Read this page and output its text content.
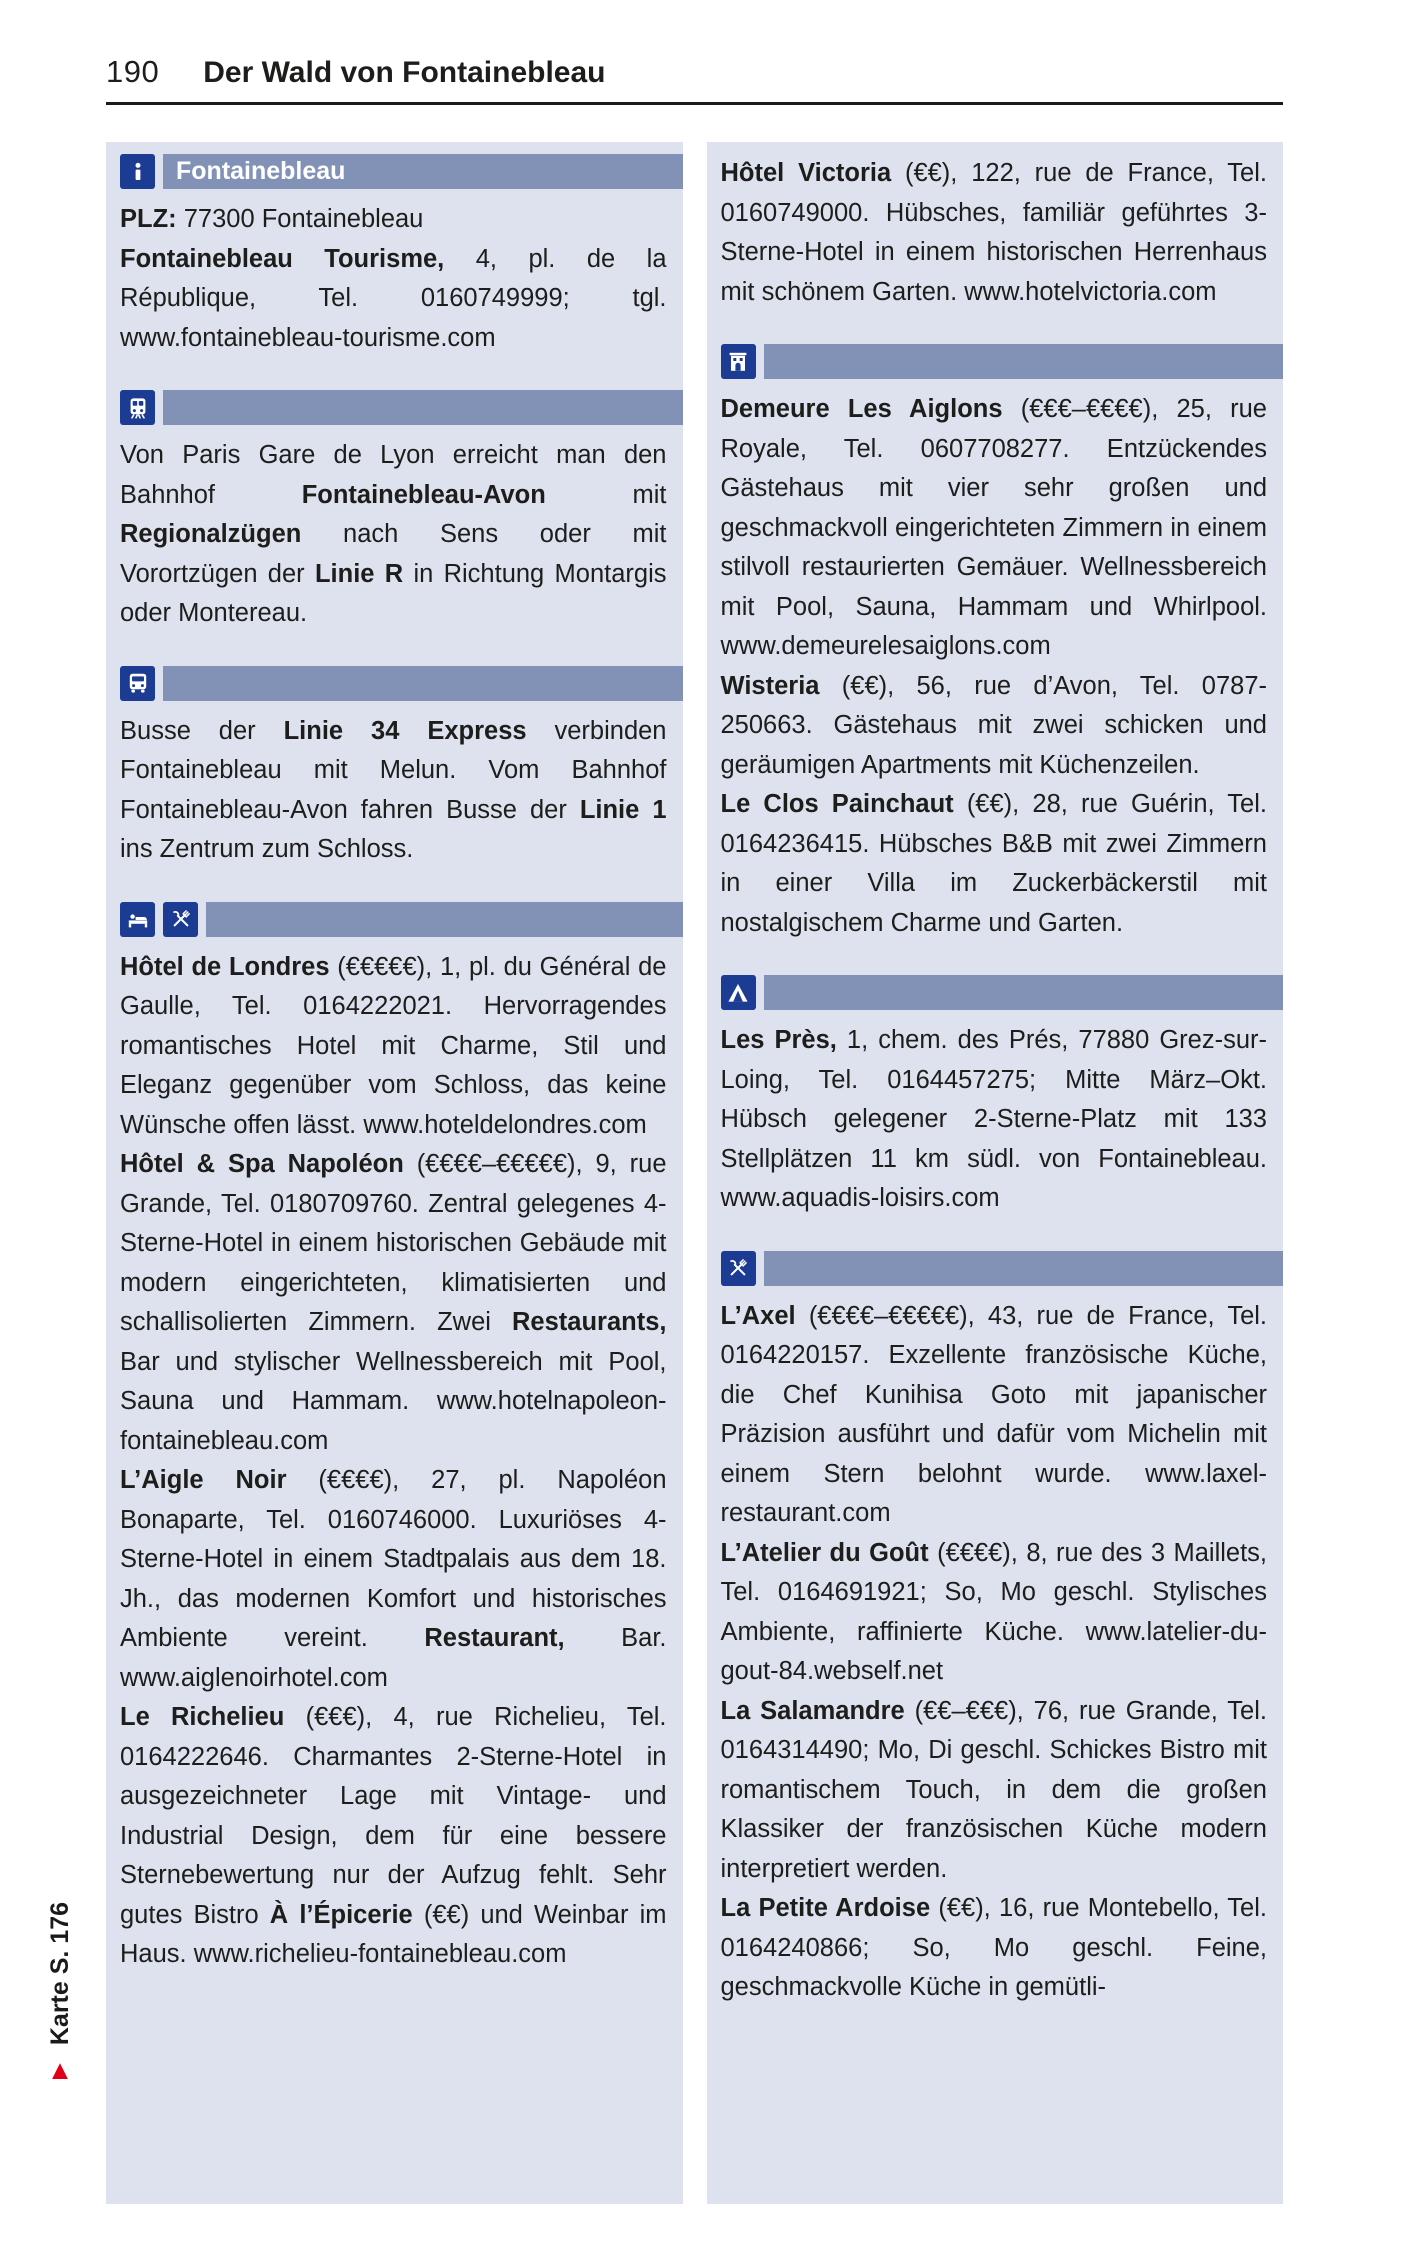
190 Der Wald von Fontainebleau
Fontainebleau

PLZ: 77300 Fontainebleau

Fontainebleau Tourisme, 4, pl. de la République, Tel. 0160749999; tgl. www.fontainebleau-tourisme.com

Von Paris Gare de Lyon erreicht man den Bahnhof Fontainebleau-Avon mit Regionalzügen nach Sens oder mit Vorortzügen der Linie R in Richtung Montargis oder Montereau.

Busse der Linie 34 Express verbinden Fontainebleau mit Melun. Vom Bahnhof Fontainebleau-Avon fahren Busse der Linie 1 ins Zentrum zum Schloss.

Hôtel de Londres (€€€€€), 1, pl. du Général de Gaulle, Tel. 0164222021. Hervorragendes romantisches Hotel mit Charme, Stil und Eleganz gegenüber vom Schloss, das keine Wünsche offen lässt. www.hoteldelondres.com

Hôtel & Spa Napoléon (€€€€–€€€€€), 9, rue Grande, Tel. 0180709760. Zentral gelegenes 4-Sterne-Hotel in einem historischen Gebäude mit modern eingerichteten, klimatisierten und schallisolierten Zimmern. Zwei Restaurants, Bar und stylischer Wellnessbereich mit Pool, Sauna und Hammam. www.hotelnapoleon-fontainebleau.com

L’Aigle Noir (€€€€), 27, pl. Napoléon Bonaparte, Tel. 0160746000. Luxuriöses 4-Sterne-Hotel in einem Stadtpalais aus dem 18. Jh., das modernen Komfort und historisches Ambiente vereint. Restaurant, Bar. www.aiglenoirhotel.com

Le Richelieu (€€€), 4, rue Richelieu, Tel. 0164222646. Charmantes 2-Sterne-Hotel in ausgezeichneter Lage mit Vintage- und Industrial Design, dem für eine bessere Sternebewertung nur der Aufzug fehlt. Sehr gutes Bistro À l’Épicerie (€€) und Weinbar im Haus. www.richelieu-fontainebleau.com

Hôtel Victoria (€€), 122, rue de France, Tel. 0160749000. Hübsches, familiär geführtes 3-Sterne-Hotel in einem historischen Herrenhaus mit schönem Garten. www.hotelvictoria.com

Demeure Les Aiglons (€€€–€€€€), 25, rue Royale, Tel. 0607708277. Entzückendes Gästehaus mit vier sehr großen und geschmackvoll eingerichteten Zimmern in einem stilvoll restaurierten Gemäuer. Wellnessbereich mit Pool, Sauna, Hammam und Whirlpool. www.demeurelesaiglons.com

Wisteria (€€), 56, rue d’Avon, Tel. 0787-250663. Gästehaus mit zwei schicken und geräumigen Apartments mit Küchenzeilen.

Le Clos Painchaut (€€), 28, rue Guérin, Tel. 0164236415. Hübsches B&B mit zwei Zimmern in einer Villa im Zuckerbäckerstil mit nostalgischem Charme und Garten.

Les Près, 1, chem. des Prés, 77880 Grez-sur-Loing, Tel. 0164457275; Mitte März–Okt. Hübsch gelegener 2-Sterne-Platz mit 133 Stellplätzen 11 km südl. von Fontainebleau. www.aquadis-loisirs.com

L’Axel (€€€€–€€€€€), 43, rue de France, Tel. 0164220157. Exzellente französische Küche, die Chef Kunihisa Goto mit japanischer Präzision ausführt und dafür vom Michelin mit einem Stern belohnt wurde. www.laxel-restaurant.com

L’Atelier du Goût (€€€€), 8, rue des 3 Maillets, Tel. 0164691921; So, Mo geschl. Stylisches Ambiente, raffinierte Küche. www.latelier-du-gout-84.webself.net

La Salamandre (€€–€€€), 76, rue Grande, Tel. 0164314490; Mo, Di geschl. Schickes Bistro mit romantischem Touch, in dem die großen Klassiker der französischen Küche modern interpretiert werden.

La Petite Ardoise (€€), 16, rue Montebello, Tel. 0164240866; So, Mo geschl. Feine, geschmackvolle Küche in gemütli-

Karte S. 176
▲
